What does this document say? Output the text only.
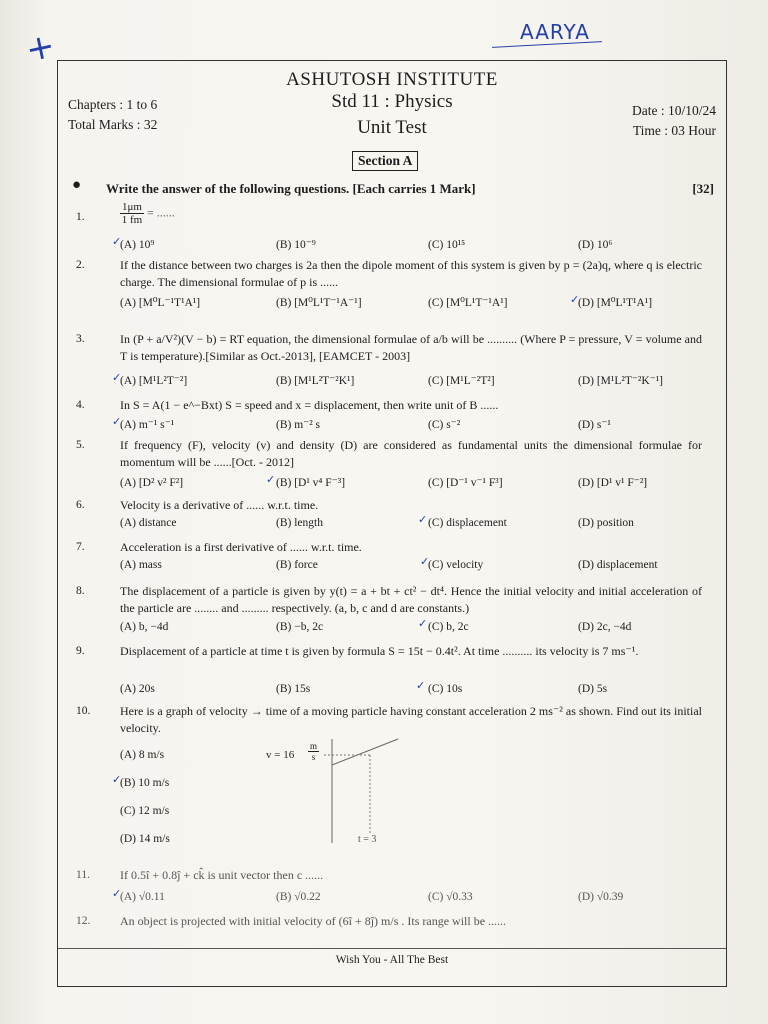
+	AARYA
ASHUTOSH INSTITUTE
Std 11 : Physics
Unit Test
Chapters : 1 to 6
Total Marks : 32
Date : 10/10/24
Time : 03 Hour
Section A
● Write the answer of the following questions. [Each carries 1 Mark]	[32]
1.	$\frac{1\mu m}{1 fm}$ = ......
(A) 10⁹	(B) 10⁻⁹	(C) 10¹⁵	(D) 10⁶
✓
2.	If the distance between two charges is 2a then the dipole moment of this system is given by p = (2a)q, where q is electric charge. The dimensional formulae of p is ......
(A) [M⁰L⁻¹T¹A¹]	(B) [M⁰L¹T⁻¹A⁻¹]	(C) [M⁰L¹T⁻¹A¹]	(D) [M⁰L¹T¹A¹]
✓
3.	In (P + a/V²)(V − b) = RT equation, the dimensional formulae of a/b will be .......... (Where P = pressure, V = volume and T is temperature).[Similar as Oct.-2013], [EAMCET - 2003]
(A) [M¹L²T⁻²]	(B) [M¹L²T⁻²K¹]	(C) [M¹L⁻²T²]	(D) [M¹L²T⁻²K⁻¹]
✓
4.	In S = A(1 − e^−Bxt) S = speed and x = displacement, then write unit of B ......
(A) m⁻¹ s⁻¹	(B) m⁻² s	(C) s⁻²	(D) s⁻¹
✓
5.	If frequency (F), velocity (v) and density (D) are considered as fundamental units the dimensional formulae for momentum will be ......[Oct. - 2012]
(A) [D² v² F²]	(B) [D¹ v⁴ F⁻³]	(C) [D⁻¹ v⁻¹ F³]	(D) [D¹ v¹ F⁻²]
✓
6.	Velocity is a derivative of ...... w.r.t. time.
(A) distance	(B) length	(C) displacement	(D) position
✓
7.	Acceleration is a first derivative of ...... w.r.t. time.
(A) mass	(B) force	(C) velocity	(D) displacement
✓
8.	The displacement of a particle is given by y(t) = a + bt + ct² − dt⁴. Hence the initial velocity and initial acceleration of the particle are ........ and ......... respectively. (a, b, c and d are constants.)
(A) b, −4d	(B) −b, 2c	(C) b, 2c	(D) 2c, −4d
✓
9.	Displacement of a particle at time t is given by formula S = 15t − 0.4t². At time .......... its velocity is 7 ms⁻¹.
(A) 20s	(B) 15s	(C) 10s	(D) 5s
✓
10. Here is a graph of velocity → time of a moving particle having constant acceleration 2 ms⁻² as shown. Find out its initial velocity.
(A) 8 m/s
(B) 10 m/s
(C) 12 m/s
(D) 14 m/s
✓
$v = 16 \frac{m}{s}$
t = 3
11.	If 0.5î + 0.8ĵ + ck̂ is unit vector then c ......
(A) √0.11	(B) √0.22	(C) √0.33	(D) √0.39
✓
12. An object is projected with initial velocity of (6î + 8ĵ) m/s . Its range will be ......
Wish You - All The Best
